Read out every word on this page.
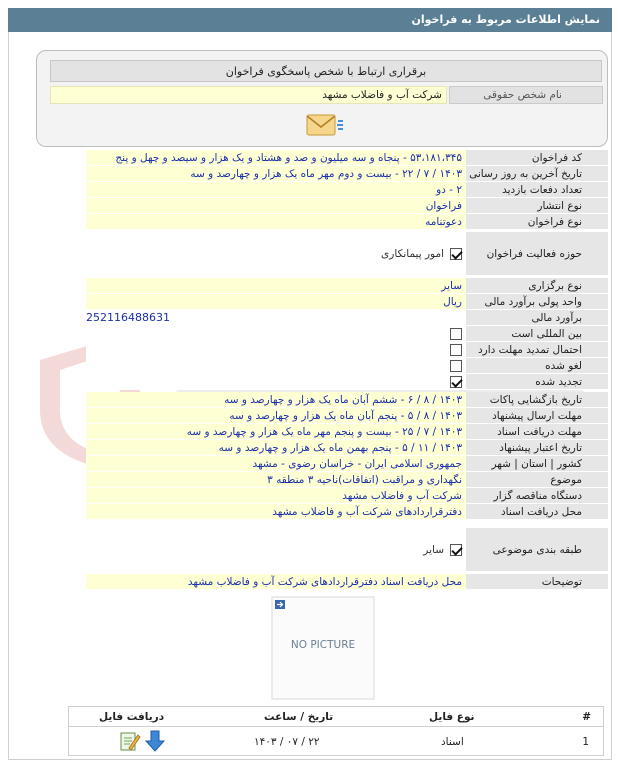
نمایش اطلاعات مربوط به فراخوان
برقراری ارتباط با شخص پاسخگوی فراخوان
نام شخص حقوقی
شرکت آب و فاضلاب مشهد
کد فراخوان
۵۳،۱۸۱،۳۴۵ - پنجاه و سه میلیون و صد و هشتاد و یک هزار و سیصد و چهل و پنج
تاریخ آخرین به روز رسانی
۱۴۰۳ / ۷ / ۲۲ - بیست و دوم مهر ماه یک هزار و چهارصد و سه
تعداد دفعات بازدید
۲ - دو
نوع انتشار
فراخوان
نوع فراخوان
دعوتنامه
حوزه فعالیت فراخوان
امور پیمانکاری
نوع برگزاری
سایر
واحد پولی برآورد مالی
ریال
برآورد مالی
252116488631
بین المللی است
احتمال تمدید مهلت دارد
لغو شده
تجدید شده
تاریخ بازگشایی پاکات
۱۴۰۳ / ۸ / ۶ - ششم آبان ماه یک هزار و چهارصد و سه
مهلت ارسال پیشنهاد
۱۴۰۳ / ۸ / ۵ - پنجم آبان ماه یک هزار و چهارصد و سه
مهلت دریافت اسناد
۱۴۰۳ / ۷ / ۲۵ - بیست و پنجم مهر ماه یک هزار و چهارصد و سه
تاریخ اعتبار پیشنهاد
۱۴۰۳ / ۱۱ / ۵ - پنجم بهمن ماه یک هزار و چهارصد و سه
کشور | استان | شهر
جمهوری اسلامی ایران - خراسان رضوی - مشهد
موضوع
نگهداری و مراقبت (اتفاقات)ناحیه ۳ منطقه ۳
دستگاه مناقصه گزار
شرکت آب و فاضلاب مشهد
محل دریافت اسناد
دفترقراردادهای شرکت آب و فاضلاب مشهد
طبقه بندی موضوعی
سایر
توضیحات
محل دریافت اسناد دفترقراردادهای شرکت آب و فاضلاب مشهد
NO PICTURE
#
نوع فایل
تاریخ / ساعت
دریافت فایل
1
اسناد
۱۴۰۳ / ۰۷ / ۲۲
